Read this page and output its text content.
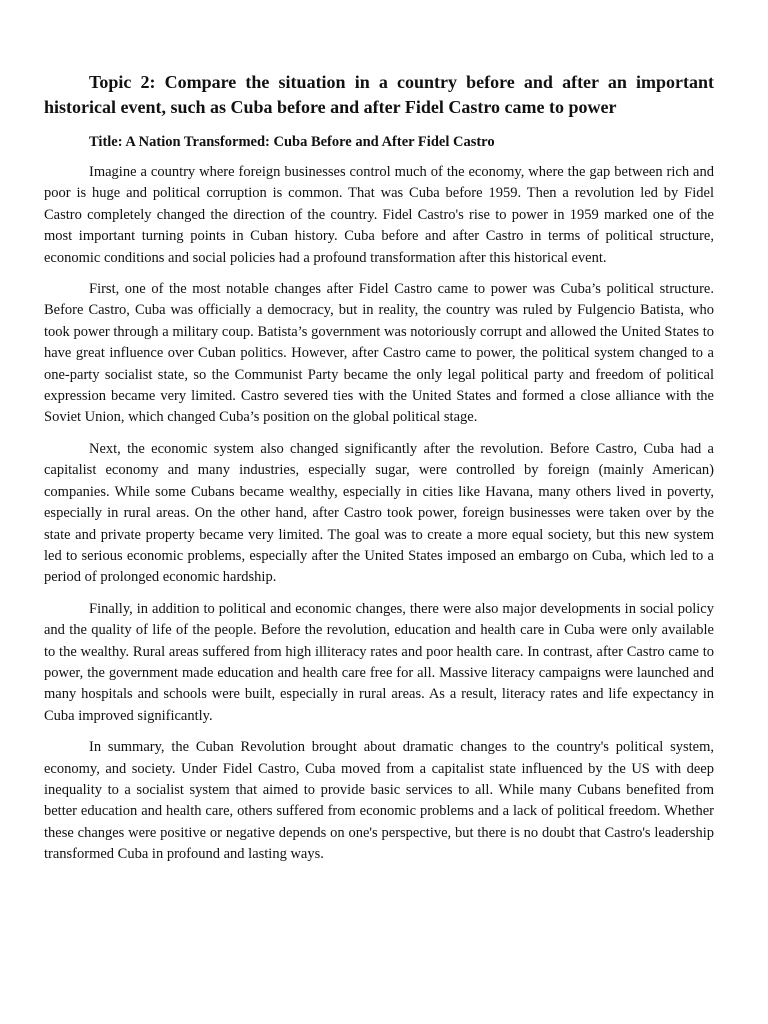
Topic 2: Compare the situation in a country before and after an important historical event, such as Cuba before and after Fidel Castro came to power

Title: A Nation Transformed: Cuba Before and After Fidel Castro

Imagine a country where foreign businesses control much of the economy, where the gap between rich and poor is huge and political corruption is common. That was Cuba before 1959. Then a revolution led by Fidel Castro completely changed the direction of the country. Fidel Castro's rise to power in 1959 marked one of the most important turning points in Cuban history. Cuba before and after Castro in terms of political structure, economic conditions and social policies had a profound transformation after this historical event.

First, one of the most notable changes after Fidel Castro came to power was Cuba’s political structure. Before Castro, Cuba was officially a democracy, but in reality, the country was ruled by Fulgencio Batista, who took power through a military coup. Batista’s government was notoriously corrupt and allowed the United States to have great influence over Cuban politics. However, after Castro came to power, the political system changed to a one-party socialist state, so the Communist Party became the only legal political party and freedom of political expression became very limited. Castro severed ties with the United States and formed a close alliance with the Soviet Union, which changed Cuba’s position on the global political stage.

Next, the economic system also changed significantly after the revolution. Before Castro, Cuba had a capitalist economy and many industries, especially sugar, were controlled by foreign (mainly American) companies. While some Cubans became wealthy, especially in cities like Havana, many others lived in poverty, especially in rural areas. On the other hand, after Castro took power, foreign businesses were taken over by the state and private property became very limited. The goal was to create a more equal society, but this new system led to serious economic problems, especially after the United States imposed an embargo on Cuba, which led to a period of prolonged economic hardship.

Finally, in addition to political and economic changes, there were also major developments in social policy and the quality of life of the people. Before the revolution, education and health care in Cuba were only available to the wealthy. Rural areas suffered from high illiteracy rates and poor health care. In contrast, after Castro came to power, the government made education and health care free for all. Massive literacy campaigns were launched and many hospitals and schools were built, especially in rural areas. As a result, literacy rates and life expectancy in Cuba improved significantly.

In summary, the Cuban Revolution brought about dramatic changes to the country's political system, economy, and society. Under Fidel Castro, Cuba moved from a capitalist state influenced by the US with deep inequality to a socialist system that aimed to provide basic services to all. While many Cubans benefited from better education and health care, others suffered from economic problems and a lack of political freedom. Whether these changes were positive or negative depends on one's perspective, but there is no doubt that Castro's leadership transformed Cuba in profound and lasting ways.
